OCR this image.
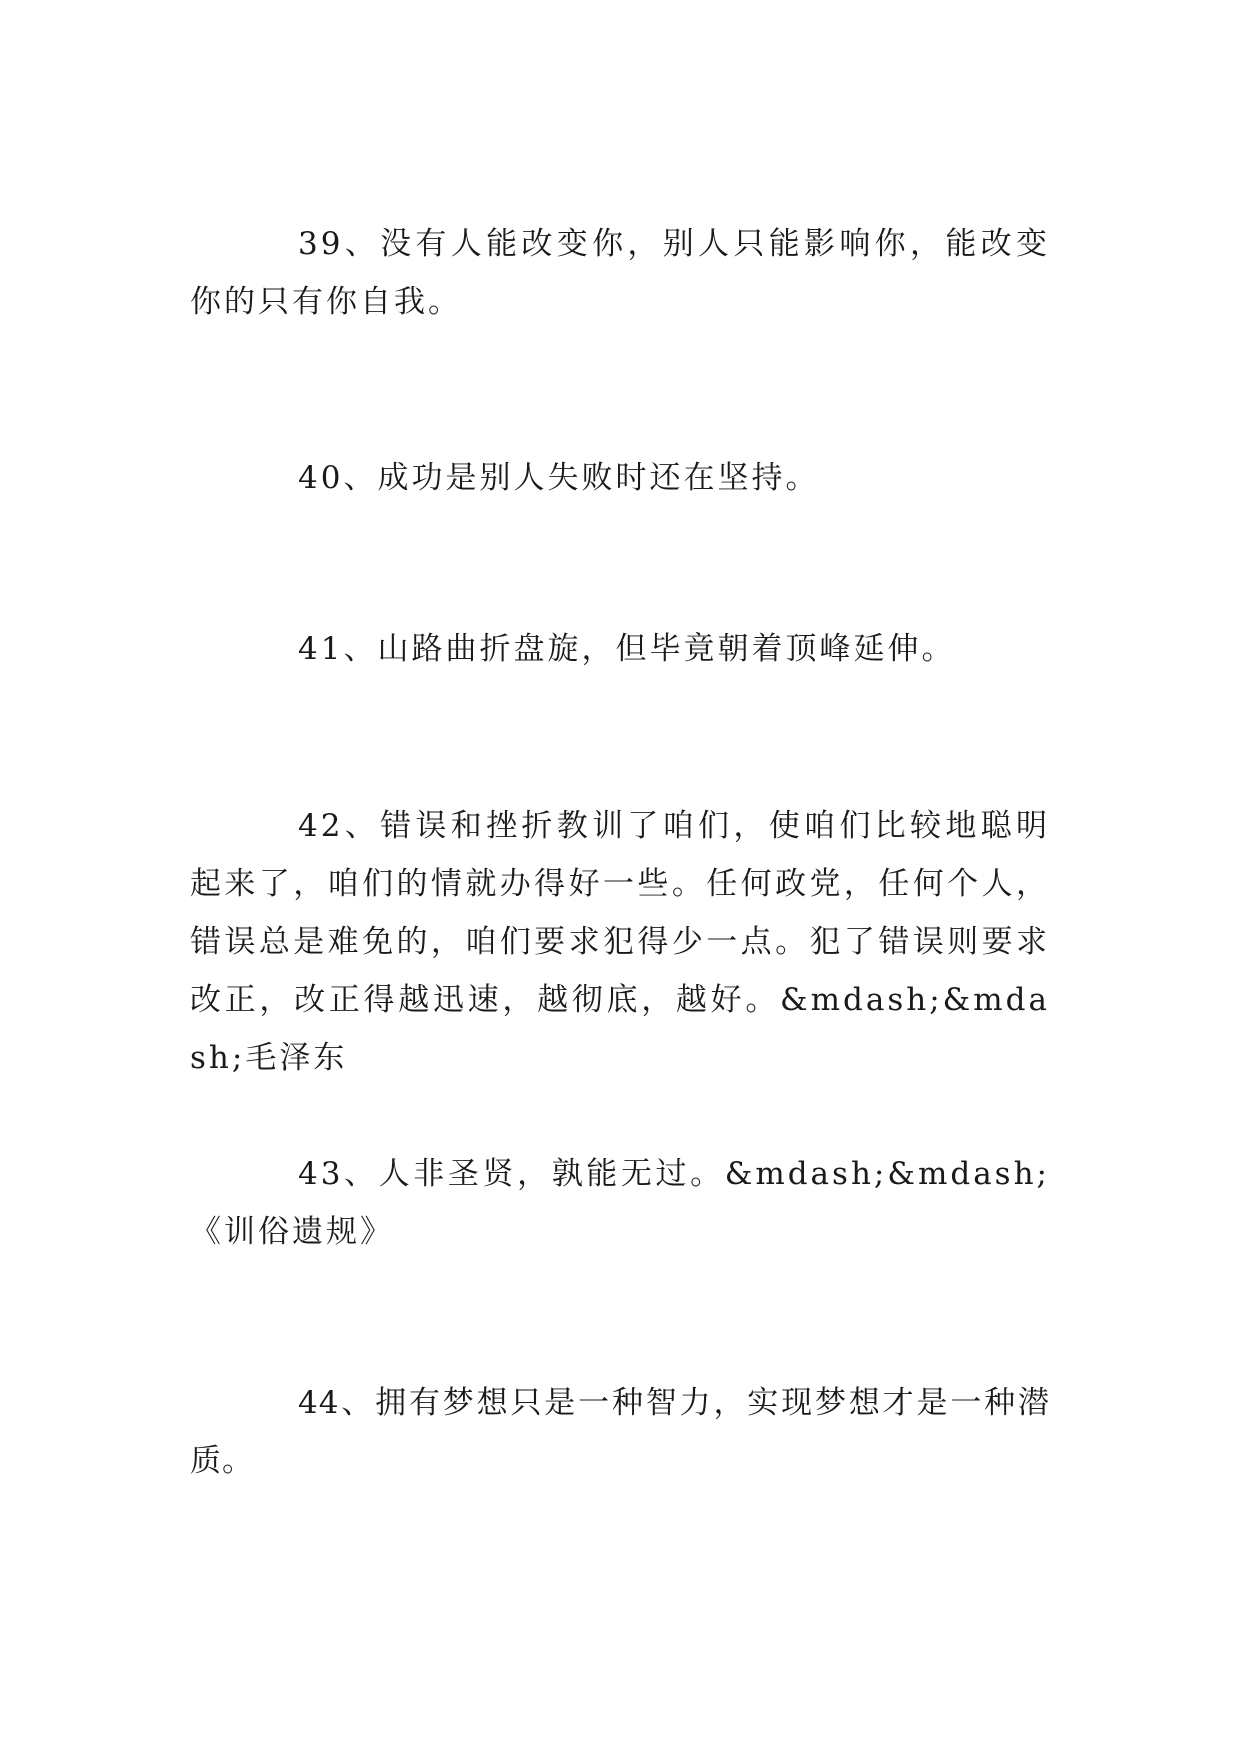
39、没有人能改变你，别人只能影响你，能改变你的只有你自我。

40、成功是别人失败时还在坚持。

41、山路曲折盘旋，但毕竟朝着顶峰延伸。

42、错误和挫折教训了咱们，使咱们比较地聪明起来了，咱们的情就办得好一些。任何政党，任何个人，错误总是难免的，咱们要求犯得少一点。犯了错误则要求改正，改正得越迅速，越彻底，越好。&mdash;&mdash;毛泽东

43、人非圣贤，孰能无过。&mdash;&mdash;《训俗遗规》

44、拥有梦想只是一种智力，实现梦想才是一种潜质。
